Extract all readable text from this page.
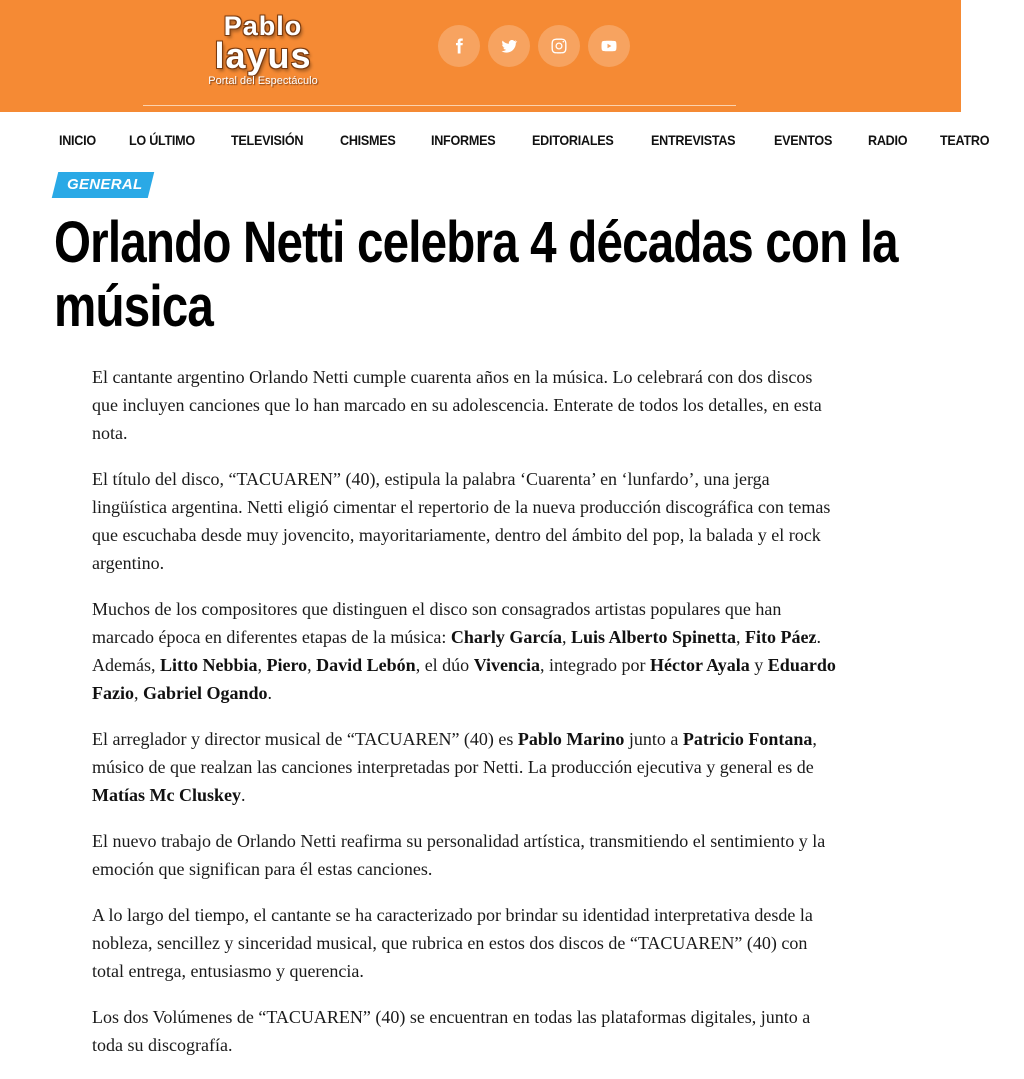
Pablo
layus
Portal del Espectáculo
INICIO LO ÚLTIMO	TELEVISIÓN	CHISMES	INFORMES	EDITORIALES	ENTREVISTAS	EVENTOS	RADIO TEATRO
GENERAL
Orlando Netti celebra 4 décadas con la música

El cantante argentino Orlando Netti cumple cuarenta años en la música. Lo celebrará con dos discos que incluyen canciones que lo han marcado en su adolescencia. Enterate de todos los detalles, en esta nota.

El título del disco, “TACUAREN” (40), estipula la palabra ‘Cuarenta’ en ‘lunfardo’, una jerga lingüística argentina. Netti eligió cimentar el repertorio de la nueva producción discográfica con temas que escuchaba desde muy jovencito, mayoritariamente, dentro del ámbito del pop, la balada y el rock argentino.

Muchos de los compositores que distinguen el disco son consagrados artistas populares que han marcado época en diferentes etapas de la música: Charly García, Luis Alberto Spinetta, Fito Páez. Además, Litto Nebbia, Piero, David Lebón, el dúo Vivencia, integrado por Héctor Ayala y Eduardo Fazio, Gabriel Ogando.

El arreglador y director musical de “TACUAREN” (40) es Pablo Marino junto a Patricio Fontana, músico de que realzan las canciones interpretadas por Netti. La producción ejecutiva y general es de Matías Mc Cluskey.

El nuevo trabajo de Orlando Netti reafirma su personalidad artística, transmitiendo el sentimiento y la emoción que significan para él estas canciones.

A lo largo del tiempo, el cantante se ha caracterizado por brindar su identidad interpretativa desde la nobleza, sencillez y sinceridad musical, que rubrica en estos dos discos de “TACUAREN” (40) con total entrega, entusiasmo y querencia.

Los dos Volúmenes de “TACUAREN” (40) se encuentran en todas las plataformas digitales, junto a toda su discografía.
